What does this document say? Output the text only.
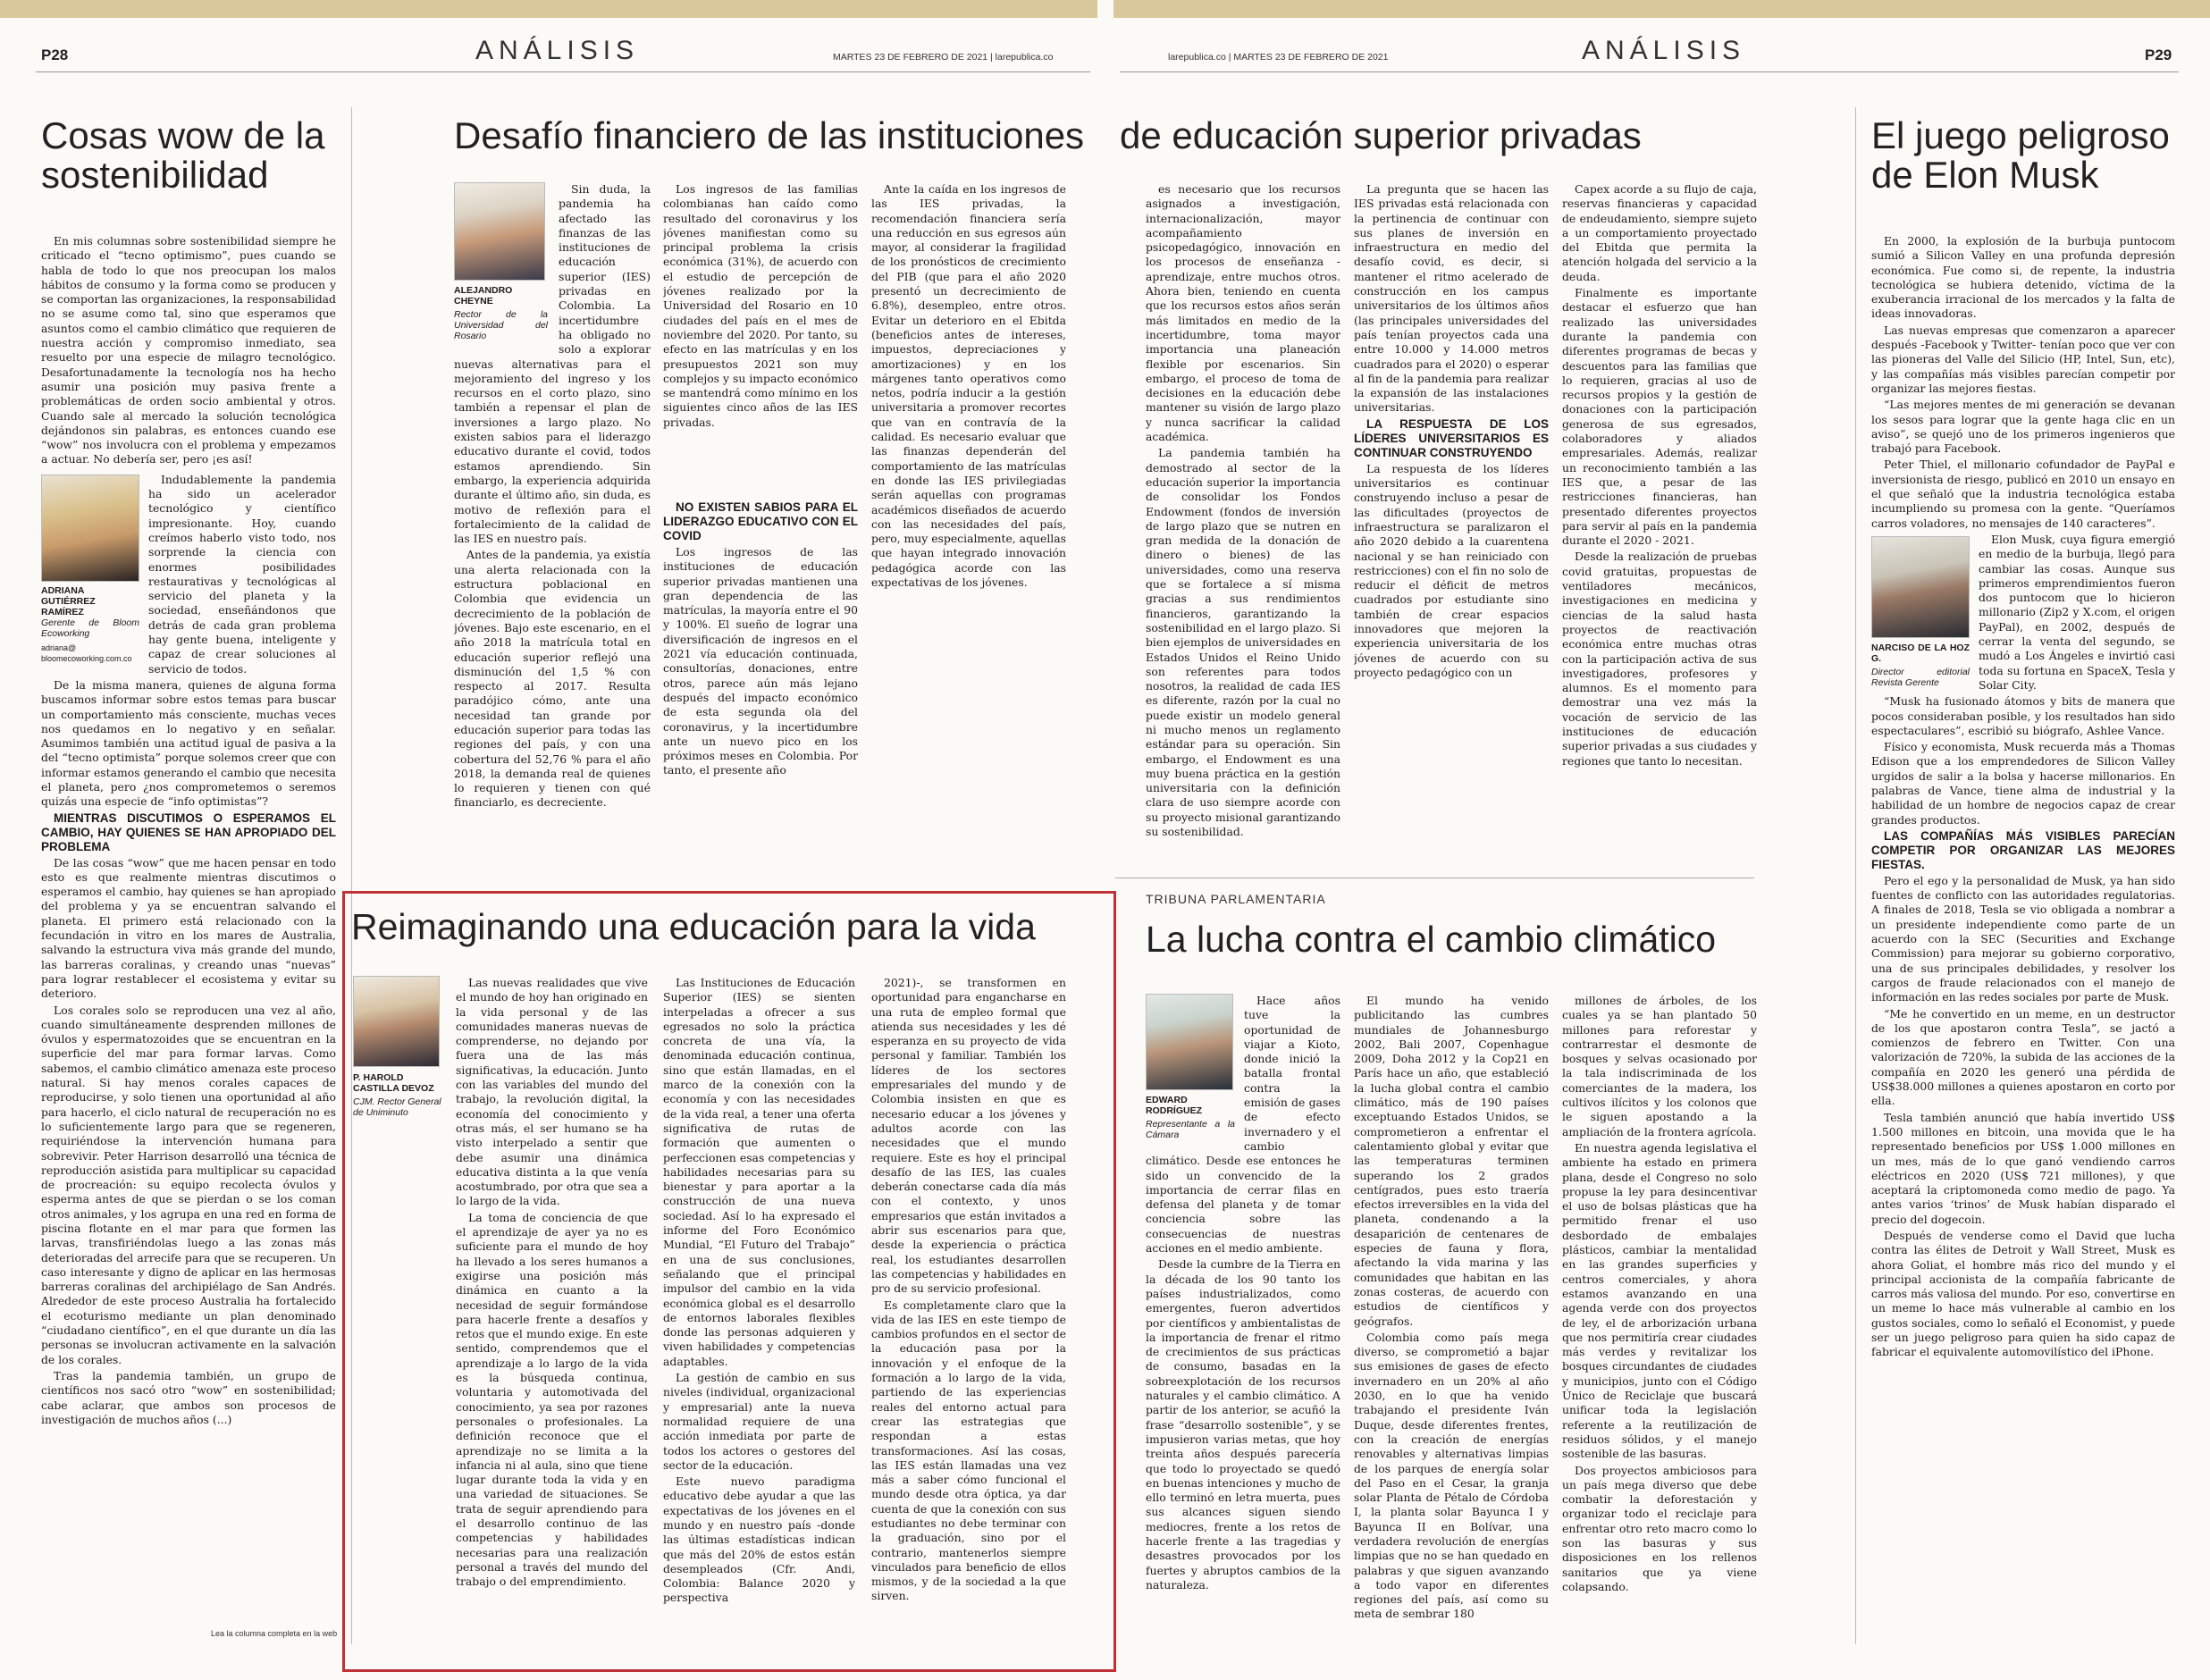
P28	ANÁLISIS	MARTES 23 DE FEBRERO DE 2021 | larepublica.co	larepublica.co | MARTES 23 DE FEBRERO DE 2021	ANÁLISIS	P29
Cosas wow de la sostenibilidad

En mis columnas sobre sostenibilidad siempre he criticado el “tecno optimismo”, pues cuando se habla de todo lo que nos preocupan los malos hábitos de consumo y la forma como se producen y se comportan las organizaciones, la responsabilidad no se asume como tal, sino que esperamos que asuntos como el cambio climático que requieren de nuestra acción y compromiso inmediato, sea resuelto por una especie de milagro tecnológico. Desafortunadamente la tecnología nos ha hecho asumir una posición muy pasiva frente a problemáticas de orden socio ambiental y otros. Cuando sale al mercado la solución tecnológica dejándonos sin palabras, es entonces cuando ese “wow” nos involucra con el problema y empezamos a actuar. No debería ser, pero ¡es así!

ADRIANA GUTIÉRREZ RAMÍREZ
Gerente de Bloom Ecoworking
adriana@ bloomecoworking.com.co

Indudablemente la pandemia ha sido un acelerador tecnológico y científico impresionante. Hoy, cuando creímos haberlo visto todo, nos sorprende la ciencia con enormes posibilidades restaurativas y tecnológicas al servicio del planeta y la sociedad, enseñándonos que detrás de cada gran problema hay gente buena, inteligente y capaz de crear soluciones al servicio de todos.

De la misma manera, quienes de alguna forma buscamos informar sobre estos temas para buscar un comportamiento más consciente, muchas veces nos quedamos en lo negativo y en señalar. Asumimos también una actitud igual de pasiva a la del “tecno optimista” porque solemos creer que con informar estamos generando el cambio que necesita el planeta, pero ¿nos comprometemos o seremos quizás una especie de “info optimistas”?

MIENTRAS DISCUTIMOS O ESPERAMOS EL CAMBIO, HAY QUIENES SE HAN APROPIADO DEL PROBLEMA

De las cosas “wow” que me hacen pensar en todo esto es que realmente mientras discutimos o esperamos el cambio, hay quienes se han apropiado del problema y ya se encuentran salvando el planeta. El primero está relacionado con la fecundación in vitro en los mares de Australia, salvando la estructura viva más grande del mundo, las barreras coralinas, y creando unas “nuevas” para lograr restablecer el ecosistema y evitar su deterioro.

Los corales solo se reproducen una vez al año, cuando simultáneamente desprenden millones de óvulos y espermatozoides que se encuentran en la superficie del mar para formar larvas. Como sabemos, el cambio climático amenaza este proceso natural. Si hay menos corales capaces de reproducirse, y solo tienen una oportunidad al año para hacerlo, el ciclo natural de recuperación no es lo suficientemente largo para que se regeneren, requiriéndose la intervención humana para sobrevivir. Peter Harrison desarrolló una técnica de reproducción asistida para multiplicar su capacidad de procreación: su equipo recolecta óvulos y esperma antes de que se pierdan o se los coman otros animales, y los agrupa en una red en forma de piscina flotante en el mar para que formen las larvas, transfiriéndolas luego a las zonas más deterioradas del arrecife para que se recuperen. Un caso interesante y digno de aplicar en las hermosas barreras coralinas del archipiélago de San Andrés. Alrededor de este proceso Australia ha fortalecido el ecoturismo mediante un plan denominado “ciudadano científico”, en el que durante un día las personas se involucran activamente en la salvación de los corales.

Tras la pandemia también, un grupo de científicos nos sacó otro “wow” en sostenibilidad; cabe aclarar, que ambos son procesos de investigación de muchos años (...)

Lea la columna completa en la web
Desafío financiero de las instituciones de educación superior privadas
ALEJANDRO CHEYNE
Rector de la Universidad del Rosario

Sin duda, la pandemia ha afectado las finanzas de las instituciones de educación superior (IES) privadas en Colombia. La incertidumbre ha obligado no solo a explorar nuevas alternativas para el mejoramiento del ingreso y los recursos en el corto plazo, sino también a repensar el plan de inversiones a largo plazo. No existen sabios para el liderazgo educativo durante el covid, todos estamos aprendiendo. Sin embargo, la experiencia adquirida durante el último año, sin duda, es motivo de reflexión para el fortalecimiento de la calidad de las IES en nuestro país.

Antes de la pandemia, ya existía una alerta relacionada con la estructura poblacional en Colombia que evidencia un decrecimiento de la población de jóvenes. Bajo este escenario, en el año 2018 la matrícula total en educación superior reflejó una disminución del 1,5 % con respecto al 2017. Resulta paradójico cómo, ante una necesidad tan grande por educación superior para todas las regiones del país, y con una cobertura del 52,76 % para el año 2018, la demanda real de quienes lo requieren y tienen con qué financiarlo, es decreciente.

Los ingresos de las familias colombianas han caído como resultado del coronavirus y los jóvenes manifiestan como su principal problema la crisis económica (31%), de acuerdo con el estudio de percepción de jóvenes realizado por la Universidad del Rosario en 10 ciudades del país en el mes de noviembre del 2020. Por tanto, su efecto en las matrículas y en los presupuestos 2021 son muy complejos y su impacto económico se mantendrá como mínimo en los siguientes cinco años de las IES privadas.

Ante la caída en los ingresos de las IES privadas, la recomendación financiera sería una reducción en sus egresos aún mayor, al considerar la fragilidad de los pronósticos de crecimiento del PIB (que para el año 2020 presentó un decrecimiento de 6.8%), desempleo, entre otros. Evitar un deterioro en el Ebitda (beneficios antes de intereses, impuestos, depreciaciones y amortizaciones) y en los márgenes tanto operativos como netos, podría inducir a la gestión universitaria a promover recortes que van en contravía de la calidad. Es necesario evaluar que las finanzas dependerán del comportamiento de las matrículas en donde las IES privilegiadas serán aquellas con programas académicos diseñados de acuerdo con las necesidades del país, pero, muy especialmente, aquellas que hayan integrado innovación pedagógica acorde con las expectativas de los jóvenes.

NO EXISTEN SABIOS PARA EL LIDERAZGO EDUCATIVO CON EL COVID

Los ingresos de las instituciones de educación superior privadas mantienen una gran dependencia de las matrículas, la mayoría entre el 90 y 100%. El sueño de lograr una diversificación de ingresos en el 2021 vía educación continuada, consultorías, donaciones, entre otros, parece aún más lejano después del impacto económico de esta segunda ola del coronavirus, y la incertidumbre ante un nuevo pico en los próximos meses en Colombia. Por tanto, el presente año

es necesario que los recursos asignados a investigación, internacionalización, mayor acompañamiento psicopedagógico, innovación en los procesos de enseñanza - aprendizaje, entre muchos otros. Ahora bien, teniendo en cuenta que los recursos estos años serán más limitados en medio de la incertidumbre, toma mayor importancia una planeación flexible por escenarios. Sin embargo, el proceso de toma de decisiones en la educación debe mantener su visión de largo plazo y nunca sacrificar la calidad académica.

La pandemia también ha demostrado al sector de la educación superior la importancia de consolidar los Fondos Endowment (fondos de inversión de largo plazo que se nutren en gran medida de la donación de dinero o bienes) de las universidades, como una reserva que se fortalece a sí misma gracias a sus rendimientos financieros, garantizando la sostenibilidad en el largo plazo. Si bien ejemplos de universidades en Estados Unidos el Reino Unido son referentes para todos nosotros, la realidad de cada IES es diferente, razón por la cual no puede existir un modelo general ni mucho menos un reglamento estándar para su operación. Sin embargo, el Endowment es una muy buena práctica en la gestión universitaria con la definición clara de uso siempre acorde con su proyecto misional garantizando su sostenibilidad.

La pregunta que se hacen las IES privadas está relacionada con la pertinencia de continuar con sus planes de inversión en infraestructura en medio del desafío covid, es decir, si mantener el ritmo acelerado de construcción en los campus universitarios de los últimos años (las principales universidades del país tenían proyectos cada una entre 10.000 y 14.000 metros cuadrados para el 2020) o esperar al fin de la pandemia para realizar la expansión de las instalaciones universitarias.

LA RESPUESTA DE LOS LÍDERES UNIVERSITARIOS ES CONTINUAR CONSTRUYENDO

La respuesta de los líderes universitarios es continuar construyendo incluso a pesar de las dificultades (proyectos de infraestructura se paralizaron el año 2020 debido a la cuarentena nacional y se han reiniciado con restricciones) con el fin no solo de reducir el déficit de metros cuadrados por estudiante sino también de crear espacios innovadores que mejoren la experiencia universitaria de los jóvenes de acuerdo con su proyecto pedagógico con un

Capex acorde a su flujo de caja, reservas financieras y capacidad de endeudamiento, siempre sujeto a un comportamiento proyectado del Ebitda que permita la atención holgada del servicio a la deuda.

Finalmente es importante destacar el esfuerzo que han realizado las universidades durante la pandemia con diferentes programas de becas y descuentos para las familias que lo requieren, gracias al uso de recursos propios y la gestión de donaciones con la participación generosa de sus egresados, colaboradores y aliados empresariales. Además, realizar un reconocimiento también a las IES que, a pesar de las restricciones financieras, han presentado diferentes proyectos para servir al país en la pandemia durante el 2020 - 2021.

Desde la realización de pruebas covid gratuitas, propuestas de ventiladores mecánicos, investigaciones en medicina y ciencias de la salud hasta proyectos de reactivación económica entre muchas otras con la participación activa de sus investigadores, profesores y alumnos. Es el momento para demostrar una vez más la vocación de servicio de las instituciones de educación superior privadas a sus ciudades y regiones que tanto lo necesitan.

Reimaginando una educación para la vida
P. HAROLD CASTILLA DEVOZ
CJM. Rector General de Uniminuto

Las nuevas realidades que vive el mundo de hoy han originado en la vida personal y de las comunidades maneras nuevas de comprenderse, no dejando por fuera una de las más significativas, la educación. Junto con las variables del mundo del trabajo, la revolución digital, la economía del conocimiento y otras más, el ser humano se ha visto interpelado a sentir que debe asumir una dinámica educativa distinta a la que venía acostumbrado, por otra que sea a lo largo de la vida.

La toma de conciencia de que el aprendizaje de ayer ya no es suficiente para el mundo de hoy ha llevado a los seres humanos a exigirse una posición más dinámica en cuanto a la necesidad de seguir formándose para hacerle frente a desafíos y retos que el mundo exige. En este sentido, comprendemos que el aprendizaje a lo largo de la vida es la búsqueda continua, voluntaria y automotivada del conocimiento, ya sea por razones personales o profesionales. La definición reconoce que el aprendizaje no se limita a la infancia ni al aula, sino que tiene lugar durante toda la vida y en una variedad de situaciones. Se trata de seguir aprendiendo para el desarrollo continuo de las competencias y habilidades necesarias para una realización personal a través del mundo del trabajo o del emprendimiento.

Las Instituciones de Educación Superior (IES) se sienten interpeladas a ofrecer a sus egresados no solo la práctica concreta de una vía, la denominada educación continua, sino que están llamadas, en el marco de la conexión con la economía y con las necesidades de la vida real, a tener una oferta significativa de rutas de formación que aumenten o perfeccionen esas competencias y habilidades necesarias para su bienestar y para aportar a la construcción de una nueva sociedad. Así lo ha expresado el informe del Foro Económico Mundial, “El Futuro del Trabajo” en una de sus conclusiones, señalando que el principal impulsor del cambio en la vida económica global es el desarrollo de entornos laborales flexibles donde las personas adquieren y viven habilidades y competencias adaptables.

La gestión de cambio en sus niveles (individual, organizacional y empresarial) ante la nueva normalidad requiere de una acción inmediata por parte de todos los actores o gestores del sector de la educación.

Este nuevo paradigma educativo debe ayudar a que las expectativas de los jóvenes en el mundo y en nuestro país -donde las últimas estadísticas indican que más del 20% de estos están desempleados (Cfr. Andi, Colombia: Balance 2020 y perspectiva

2021)-, se transformen en oportunidad para engancharse en una ruta de empleo formal que atienda sus necesidades y les dé esperanza en su proyecto de vida personal y familiar. También los líderes de los sectores empresariales del mundo y de Colombia insisten en que es necesario educar a los jóvenes y adultos acorde con las necesidades que el mundo requiere. Este es hoy el principal desafío de las IES, las cuales deberán conectarse cada día más con el contexto, y unos empresarios que están invitados a abrir sus escenarios para que, desde la experiencia o práctica real, los estudiantes desarrollen las competencias y habilidades en pro de su servicio profesional.

Es completamente claro que la vida de las IES en este tiempo de cambios profundos en el sector de la educación pasa por la innovación y el enfoque de la formación a lo largo de la vida, partiendo de las experiencias reales del entorno actual para crear las estrategias que respondan a estas transformaciones. Así las cosas, las IES están llamadas una vez más a saber cómo funcional el mundo desde otra óptica, ya dar cuenta de que la conexión con sus estudiantes no debe terminar con la graduación, sino por el contrario, mantenerlos siempre vinculados para beneficio de ellos mismos, y de la sociedad a la que sirven.

TRIBUNA PARLAMENTARIA
La lucha contra el cambio climático
EDWARD RODRÍGUEZ
Representante a la Cámara

Hace años tuve la oportunidad de viajar a Kioto, donde inició la batalla frontal contra la emisión de gases de efecto invernadero y el cambio climático. Desde ese entonces he sido un convencido de la importancia de cerrar filas en defensa del planeta y de tomar conciencia sobre las consecuencias de nuestras acciones en el medio ambiente.

Desde la cumbre de la Tierra en la década de los 90 tanto los países industrializados, como emergentes, fueron advertidos por científicos y ambientalistas de la importancia de frenar el ritmo de crecimientos de sus prácticas de consumo, basadas en la sobreexplotación de los recursos naturales y el cambio climático. A partir de los anterior, se acuñó la frase “desarrollo sostenible”, y se impusieron varias metas, que hoy treinta años después parecería que todo lo proyectado se quedó en buenas intenciones y mucho de ello terminó en letra muerta, pues sus alcances siguen siendo mediocres, frente a los retos de hacerle frente a las tragedias y desastres provocados por los fuertes y abruptos cambios de la naturaleza.

El mundo ha venido publicitando las cumbres mundiales de Johannesburgo 2002, Bali 2007, Copenhague 2009, Doha 2012 y la Cop21 en París hace un año, que estableció la lucha global contra el cambio climático, más de 190 países exceptuando Estados Unidos, se comprometieron a enfrentar el calentamiento global y evitar que las temperaturas terminen superando los 2 grados centígrados, pues esto traería efectos irreversibles en la vida del planeta, condenando a la desaparición de centenares de especies de fauna y flora, afectando la vida marina y las comunidades que habitan en las zonas costeras, de acuerdo con estudios de científicos y geógrafos.

Colombia como país mega diverso, se comprometió a bajar sus emisiones de gases de efecto invernadero en un 20% al año 2030, en lo que ha venido trabajando el presidente Iván Duque, desde diferentes frentes, con la creación de energías renovables y alternativas limpias de los parques de energía solar del Paso en el Cesar, la granja solar Planta de Pétalo de Córdoba I, la planta solar Bayunca I y Bayunca II en Bolívar, una verdadera revolución de energías limpias que no se han quedado en palabras y que siguen avanzando a todo vapor en diferentes regiones del país, así como su meta de sembrar 180

millones de árboles, de los cuales ya se han plantado 50 millones para reforestar y contrarrestar el desmonte de bosques y selvas ocasionado por la tala indiscriminada de los comerciantes de la madera, los cultivos ilícitos y los colonos que le siguen apostando a la ampliación de la frontera agrícola.

En nuestra agenda legislativa el ambiente ha estado en primera plana, desde el Congreso no solo propuse la ley para desincentivar el uso de bolsas plásticas que ha permitido frenar el uso desbordado de embalajes plásticos, cambiar la mentalidad en las grandes superficies y centros comerciales, y ahora estamos avanzando en una agenda verde con dos proyectos de ley, el de arborización urbana que nos permitiría crear ciudades más verdes y revitalizar los bosques circundantes de ciudades y municipios, junto con el Código Único de Reciclaje que buscará unificar toda la legislación referente a la reutilización de residuos sólidos, y el manejo sostenible de las basuras.

Dos proyectos ambiciosos para un país mega diverso que debe combatir la deforestación y organizar todo el reciclaje para enfrentar otro reto macro como lo son las basuras y sus disposiciones en los rellenos sanitarios que ya viene colapsando.

El juego peligroso de Elon Musk

En 2000, la explosión de la burbuja puntocom sumió a Silicon Valley en una profunda depresión económica. Fue como si, de repente, la industria tecnológica se hubiera detenido, víctima de la exuberancia irracional de los mercados y la falta de ideas innovadoras.

Las nuevas empresas que comenzaron a aparecer después -Facebook y Twitter- tenían poco que ver con las pioneras del Valle del Silicio (HP, Intel, Sun, etc), y las compañías más visibles parecían competir por organizar las mejores fiestas.

“Las mejores mentes de mi generación se devanan los sesos para lograr que la gente haga clic en un aviso”, se quejó uno de los primeros ingenieros que trabajó para Facebook.

Peter Thiel, el millonario cofundador de PayPal e inversionista de riesgo, publicó en 2010 un ensayo en el que señaló que la industria tecnológica estaba incumpliendo su promesa con la gente. “Queríamos carros voladores, no mensajes de 140 caracteres”.

NARCISO DE LA HOZ G.
Director editorial Revista Gerente

Elon Musk, cuya figura emergió en medio de la burbuja, llegó para cambiar las cosas. Aunque sus primeros emprendimientos fueron dos puntocom que lo hicieron millonario (Zip2 y X.com, el origen PayPal), en 2002, después de cerrar la venta del segundo, se mudó a Los Ángeles e invirtió casi toda su fortuna en SpaceX, Tesla y Solar City.

“Musk ha fusionado átomos y bits de manera que pocos consideraban posible, y los resultados han sido espectaculares”, escribió su biógrafo, Ashlee Vance.

Físico y economista, Musk recuerda más a Thomas Edison que a los emprendedores de Silicon Valley urgidos de salir a la bolsa y hacerse millonarios. En palabras de Vance, tiene alma de industrial y la habilidad de un hombre de negocios capaz de crear grandes productos.

LAS COMPAÑÍAS MÁS VISIBLES PARECÍAN COMPETIR POR ORGANIZAR LAS MEJORES FIESTAS.

Pero el ego y la personalidad de Musk, ya han sido fuentes de conflicto con las autoridades regulatorias. A finales de 2018, Tesla se vio obligada a nombrar a un presidente independiente como parte de un acuerdo con la SEC (Securities and Exchange Commission) para mejorar su gobierno corporativo, una de sus principales debilidades, y resolver los cargos de fraude relacionados con el manejo de información en las redes sociales por parte de Musk.

“Me he convertido en un meme, en un destructor de los que apostaron contra Tesla”, se jactó a comienzos de febrero en Twitter. Con una valorización de 720%, la subida de las acciones de la compañía en 2020 les generó una pérdida de US$38.000 millones a quienes apostaron en corto por ella.

Tesla también anunció que había invertido US$ 1.500 millones en bitcoin, una movida que le ha representado beneficios por US$ 1.000 millones en un mes, más de lo que ganó vendiendo carros eléctricos en 2020 (US$ 721 millones), y que aceptará la criptomoneda como medio de pago. Ya antes varios ‘trinos’ de Musk habían disparado el precio del dogecoin.

Después de venderse como el David que lucha contra las élites de Detroit y Wall Street, Musk es ahora Goliat, el hombre más rico del mundo y el principal accionista de la compañía fabricante de carros más valiosa del mundo. Por eso, convertirse en un meme lo hace más vulnerable al cambio en los gustos sociales, como lo señaló el Economist, y puede ser un juego peligroso para quien ha sido capaz de fabricar el equivalente automovilístico del iPhone.
